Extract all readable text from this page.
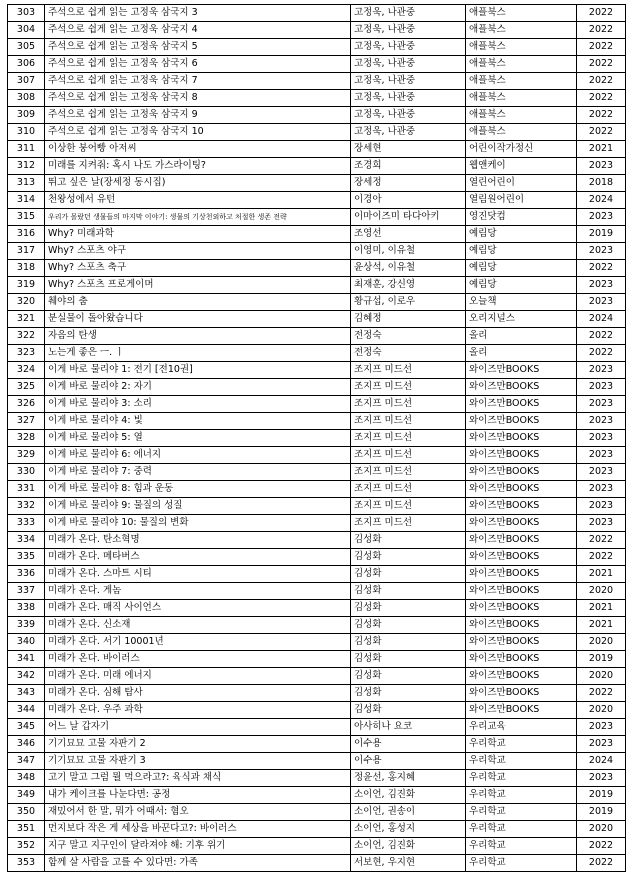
303	주석으로 쉽게 읽는 고정욱 삼국지 3	고정욱, 나관중	애플북스	2022
304	주석으로 쉽게 읽는 고정욱 삼국지 4	고정욱, 나관중	애플북스	2022
305	주석으로 쉽게 읽는 고정욱 삼국지 5	고정욱, 나관중	애플북스	2022
306	주석으로 쉽게 읽는 고정욱 삼국지 6	고정욱, 나관중	애플북스	2022
307	주석으로 쉽게 읽는 고정욱 삼국지 7	고정욱, 나관중	애플북스	2022
308	주석으로 쉽게 읽는 고정욱 삼국지 8	고정욱, 나관중	애플북스	2022
309	주석으로 쉽게 읽는 고정욱 삼국지 9	고정욱, 나관중	애플북스	2022
310	주석으로 쉽게 읽는 고정욱 삼국지 10	고정욱, 나관중	애플북스	2022
311	이상한 붕어빵 아저씨	장세현	어린이작가정신	2021
312	미래를 지켜줘: 혹시 나도 가스라이팅?	조경희	웹앤케이	2023
313	뛰고 싶은 날(장세정 동시집)	장세정	열린어린이	2018
314	천왕성에서 유턴	이경아	열림원어린이	2024
315	우리가 몰랐던 생물들의 마지막 이야기: 생물의 기상천외하고 처절한 생존 전략	이마이즈미 타다아키	영진닷컴	2023
316	Why? 미래과학	조영선	예림당	2019
317	Why? 스포츠 야구	이영미, 이유철	예림당	2023
318	Why? 스포츠 축구	윤상석, 이유철	예림당	2022
319	Why? 스포츠 프로게이머	최재훈, 강신영	예림당	2023
320	췌야의 춤	황규섭, 이로우	오늘책	2023
321	분실물이 돌아왔습니다	김혜정	오리지널스	2024
322	자음의 탄생	전정숙	올리	2022
323	노는게 좋은 ㅡ. ㅣ	전정숙	올리	2022
324	이게 바로 물리야 1: 전기 [전10권]	조지프 미드선	와이즈만BOOKS	2023
325	이게 바로 물리야 2: 자기	조지프 미드선	와이즈만BOOKS	2023
326	이게 바로 물리야 3: 소리	조지프 미드선	와이즈만BOOKS	2023
327	이게 바로 물리야 4: 빛	조지프 미드선	와이즈만BOOKS	2023
328	이게 바로 물리야 5: 열	조지프 미드선	와이즈만BOOKS	2023
329	이게 바로 물리야 6: 에너지	조지프 미드선	와이즈만BOOKS	2023
330	이게 바로 물리야 7: 중력	조지프 미드선	와이즈만BOOKS	2023
331	이게 바로 물리야 8: 힘과 운동	조지프 미드선	와이즈만BOOKS	2023
332	이게 바로 물리야 9: 물질의 성질	조지프 미드선	와이즈만BOOKS	2023
333	이게 바로 물리야 10: 물질의 변화	조지프 미드선	와이즈만BOOKS	2023
334	미래가 온다. 탄소혁명	김성화	와이즈만BOOKS	2022
335	미래가 온다. 메타버스	김성화	와이즈만BOOKS	2022
336	미래가 온다. 스마트 시티	김성화	와이즈만BOOKS	2021
337	미래가 온다. 게놈	김성화	와이즈만BOOKS	2020
338	미래가 온다. 매직 사이언스	김성화	와이즈만BOOKS	2021
339	미래가 온다. 신소재	김성화	와이즈만BOOKS	2021
340	미래가 온다. 서기 10001년	김성화	와이즈만BOOKS	2020
341	미래가 온다. 바이러스	김성화	와이즈만BOOKS	2019
342	미래가 온다. 미래 에너지	김성화	와이즈만BOOKS	2020
343	미래가 온다. 심해 탐사	김성화	와이즈만BOOKS	2022
344	미래가 온다. 우주 과학	김성화	와이즈만BOOKS	2020
345	어느 날 갑자기	아사히나 요코	우리교육	2023
346	기기묘묘 고물 자판기 2	이수용	우리학교	2023
347	기기묘묘 고물 자판기 3	이수용	우리학교	2024
348	고기 말고 그럼 뭘 먹으라고?: 육식과 채식	정윤선, 홍지혜	우리학교	2023
349	내가 케이크를 나눈다면: 공정	소이언, 김진화	우리학교	2019
350	재밌어서 한 말, 뭐가 어때서: 혐오	소이언, 권송이	우리학교	2019
351	먼지보다 작은 게 세상을 바꾼다고?: 바이러스	소이언, 홍성지	우리학교	2020
352	지구 말고 지구인이 달라져야 해: 기후 위기	소이언, 김진화	우리학교	2022
353	함께 살 사람을 고를 수 있다면: 가족	서보현, 우지현	우리학교	2022
